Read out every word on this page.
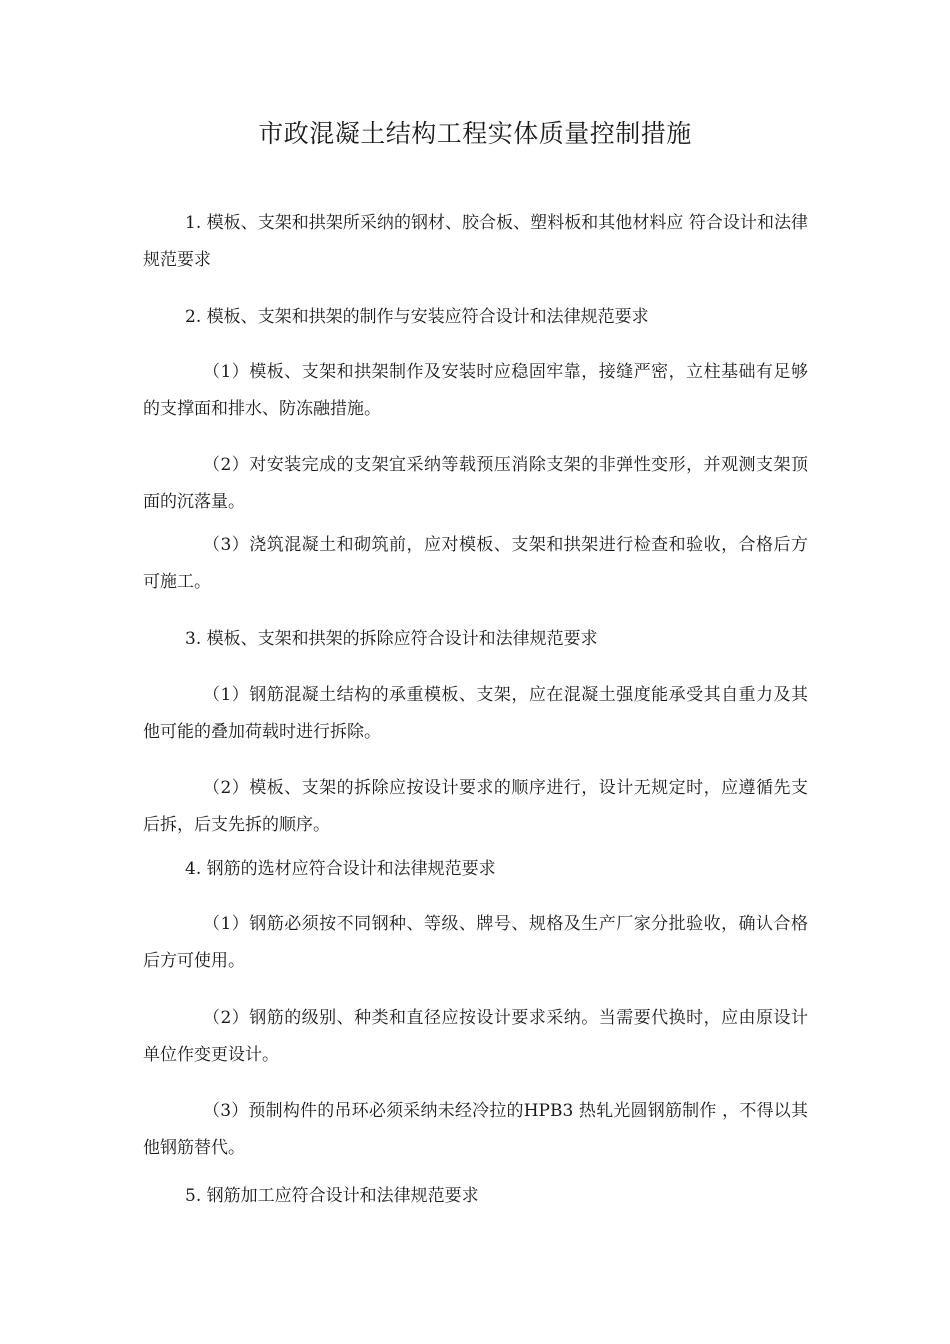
市政混凝土结构工程实体质量控制措施

1. 模板、支架和拱架所采纳的钢材、胶合板、塑料板和其他材料应 符合设计和法律规范要求

2. 模板、支架和拱架的制作与安装应符合设计和法律规范要求

（1）模板、支架和拱架制作及安装时应稳固牢靠，接缝严密，立柱基础有足够的支撑面和排水、防冻融措施。

（2）对安装完成的支架宜采纳等载预压消除支架的非弹性变形，并观测支架顶面的沉落量。

（3）浇筑混凝土和砌筑前，应对模板、支架和拱架进行检查和验收，合格后方可施工。

3. 模板、支架和拱架的拆除应符合设计和法律规范要求

（1）钢筋混凝土结构的承重模板、支架，应在混凝土强度能承受其自重力及其他可能的叠加荷载时进行拆除。

（2）模板、支架的拆除应按设计要求的顺序进行，设计无规定时，应遵循先支后拆，后支先拆的顺序。

4. 钢筋的选材应符合设计和法律规范要求

（1）钢筋必须按不同钢种、等级、牌号、规格及生产厂家分批验收，确认合格后方可使用。

（2）钢筋的级别、种类和直径应按设计要求采纳。当需要代换时，应由原设计单位作变更设计。

（3）预制构件的吊环必须采纳未经冷拉的HPB3 热轧光圆钢筋制作 ，不得以其他钢筋替代。

5. 钢筋加工应符合设计和法律规范要求
